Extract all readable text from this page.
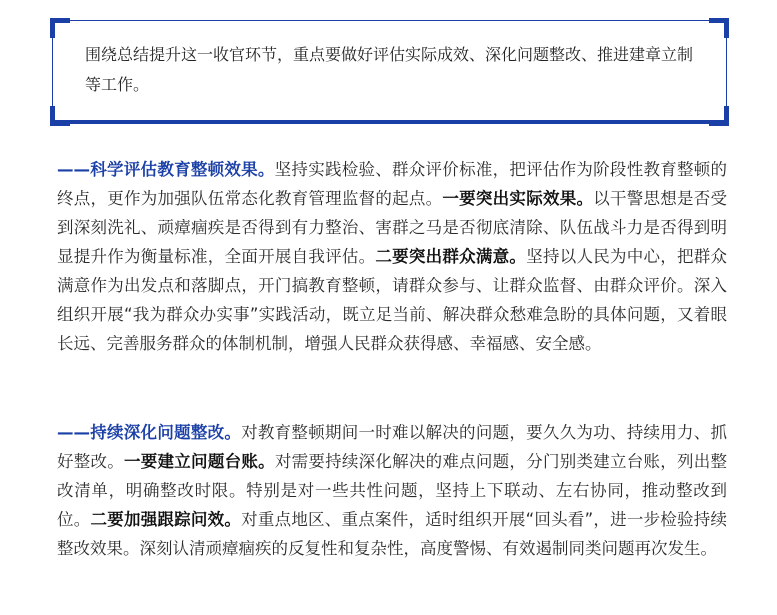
围绕总结提升这一收官环节，重点要做好评估实际成效、深化问题整改、推进建章立制等工作。
——科学评估教育整顿效果。坚持实践检验、群众评价标准，把评估作为阶段性教育整顿的终点，更作为加强队伍常态化教育管理监督的起点。一要突出实际效果。以干警思想是否受到深刻洗礼、顽瘴痼疾是否得到有力整治、害群之马是否彻底清除、队伍战斗力是否得到明显提升作为衡量标准，全面开展自我评估。二要突出群众满意。坚持以人民为中心，把群众满意作为出发点和落脚点，开门搞教育整顿，请群众参与、让群众监督、由群众评价。深入组织开展“我为群众办实事”实践活动，既立足当前、解决群众愁难急盼的具体问题，又着眼长远、完善服务群众的体制机制，增强人民群众获得感、幸福感、安全感。
——持续深化问题整改。对教育整顿期间一时难以解决的问题，要久久为功、持续用力、抓好整改。一要建立问题台账。对需要持续深化解决的难点问题，分门别类建立台账，列出整改清单，明确整改时限。特别是对一些共性问题，坚持上下联动、左右协同，推动整改到位。二要加强跟踪问效。对重点地区、重点案件，适时组织开展“回头看”，进一步检验持续整改效果。深刻认清顽瘴痼疾的反复性和复杂性，高度警惕、有效遏制同类问题再次发生。
